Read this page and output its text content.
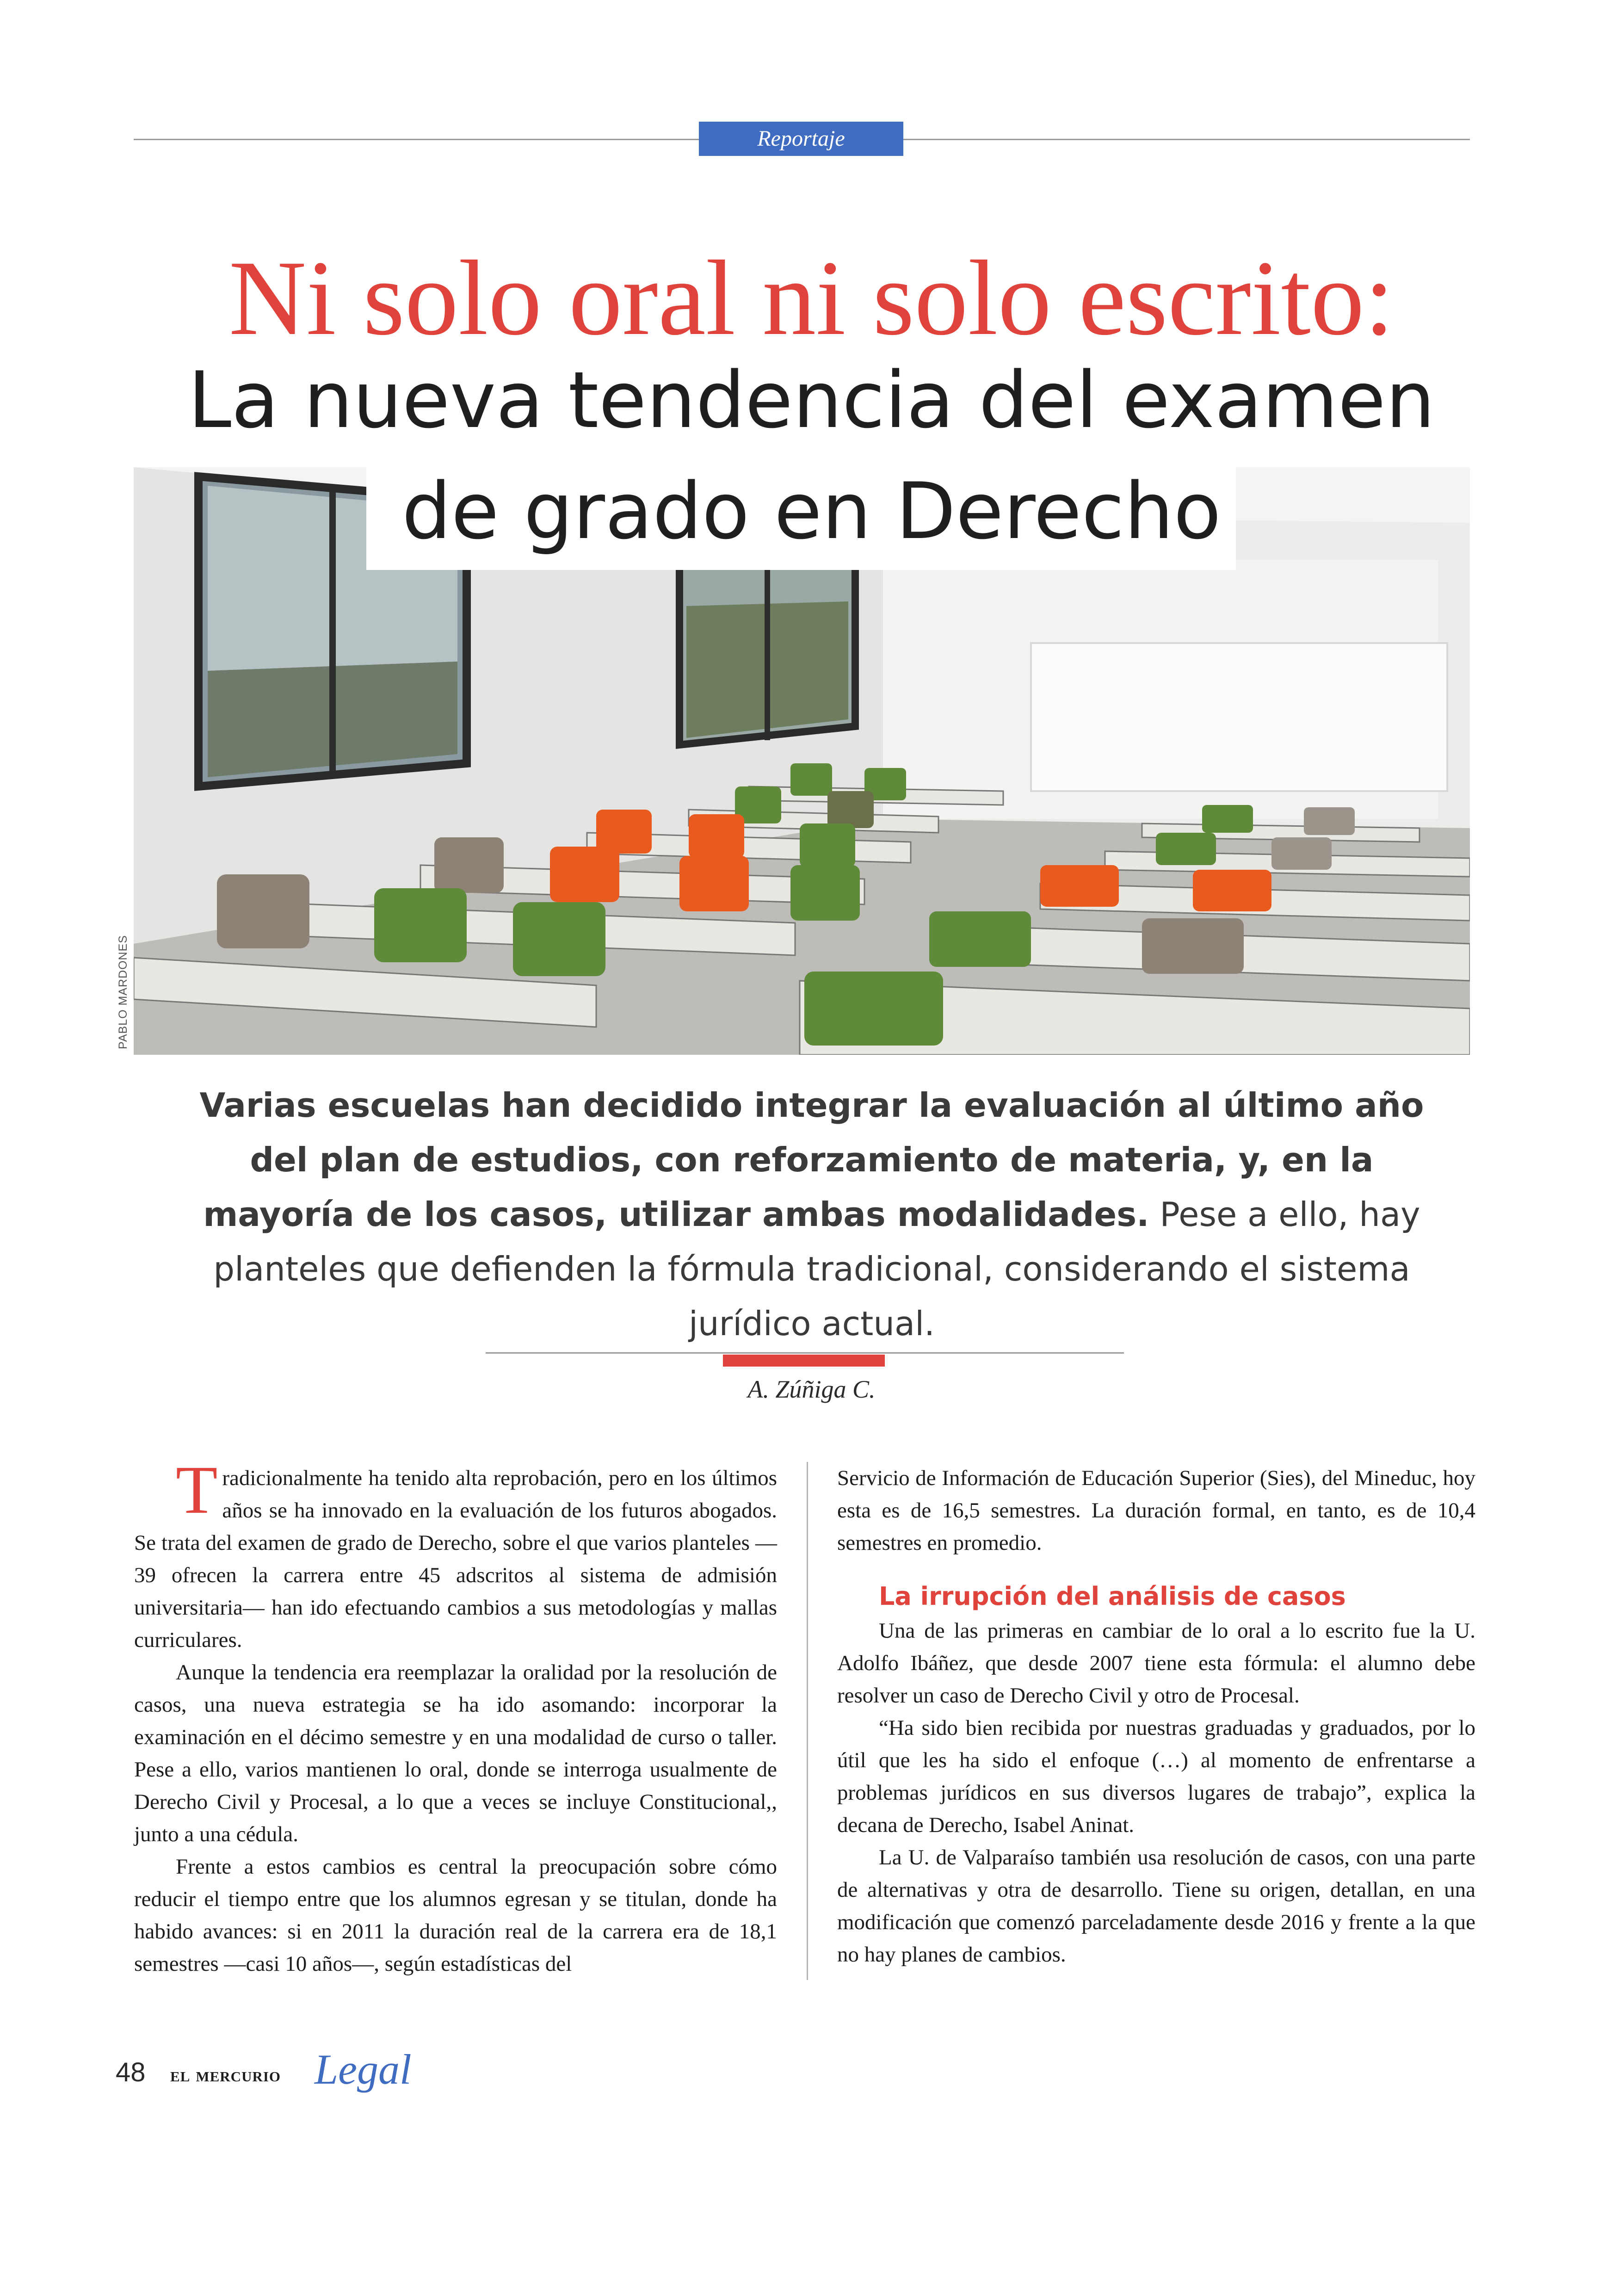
Reportaje
Ni solo oral ni solo escrito:
La nueva tendencia del examen
de grado en Derecho
PABLO MARDONES
Varias escuelas han decidido integrar la evaluación al último año del plan de estudios, con reforzamiento de materia, y, en la mayoría de los casos, utilizar ambas modalidades. Pese a ello, hay planteles que defienden la fórmula tradicional, considerando el sistema jurídico actual.
A. Zúñiga C.

Tradicionalmente ha tenido alta reprobación, pero en los últimos años se ha innovado en la evaluación de los futuros abogados. Se trata del examen de grado de Derecho, sobre el que varios planteles —39 ofrecen la carrera entre 45 adscritos al sistema de admisión universitaria— han ido efectuando cambios a sus metodologías y mallas curriculares.

Aunque la tendencia era reemplazar la oralidad por la resolución de casos, una nueva estrategia se ha ido asomando: incorporar la examinación en el décimo semestre y en una modalidad de curso o taller. Pese a ello, varios mantienen lo oral, donde se interroga usualmente de Derecho Civil y Procesal, a lo que a veces se incluye Constitucional,, junto a una cédula.

Frente a estos cambios es central la preocupación sobre cómo reducir el tiempo entre que los alumnos egresan y se titulan, donde ha habido avances: si en 2011 la duración real de la carrera era de 18,1 semestres —casi 10 años—, según estadísticas del

Servicio de Información de Educación Superior (Sies), del Mineduc, hoy esta es de 16,5 semestres. La duración formal, en tanto, es de 10,4 semestres en promedio.

La irrupción del análisis de casos

Una de las primeras en cambiar de lo oral a lo escrito fue la U. Adolfo Ibáñez, que desde 2007 tiene esta fórmula: el alumno debe resolver un caso de Derecho Civil y otro de Procesal.

“Ha sido bien recibida por nuestras graduadas y graduados, por lo útil que les ha sido el enfoque (…) al momento de enfrentarse a problemas jurídicos en sus diversos lugares de trabajo”, explica la decana de Derecho, Isabel Aninat.

La U. de Valparaíso también usa resolución de casos, con una parte de alternativas y otra de desarrollo. Tiene su origen, detallan, en una modificación que comenzó parceladamente desde 2016 y frente a la que no hay planes de cambios.

48 el mercurio Legal
